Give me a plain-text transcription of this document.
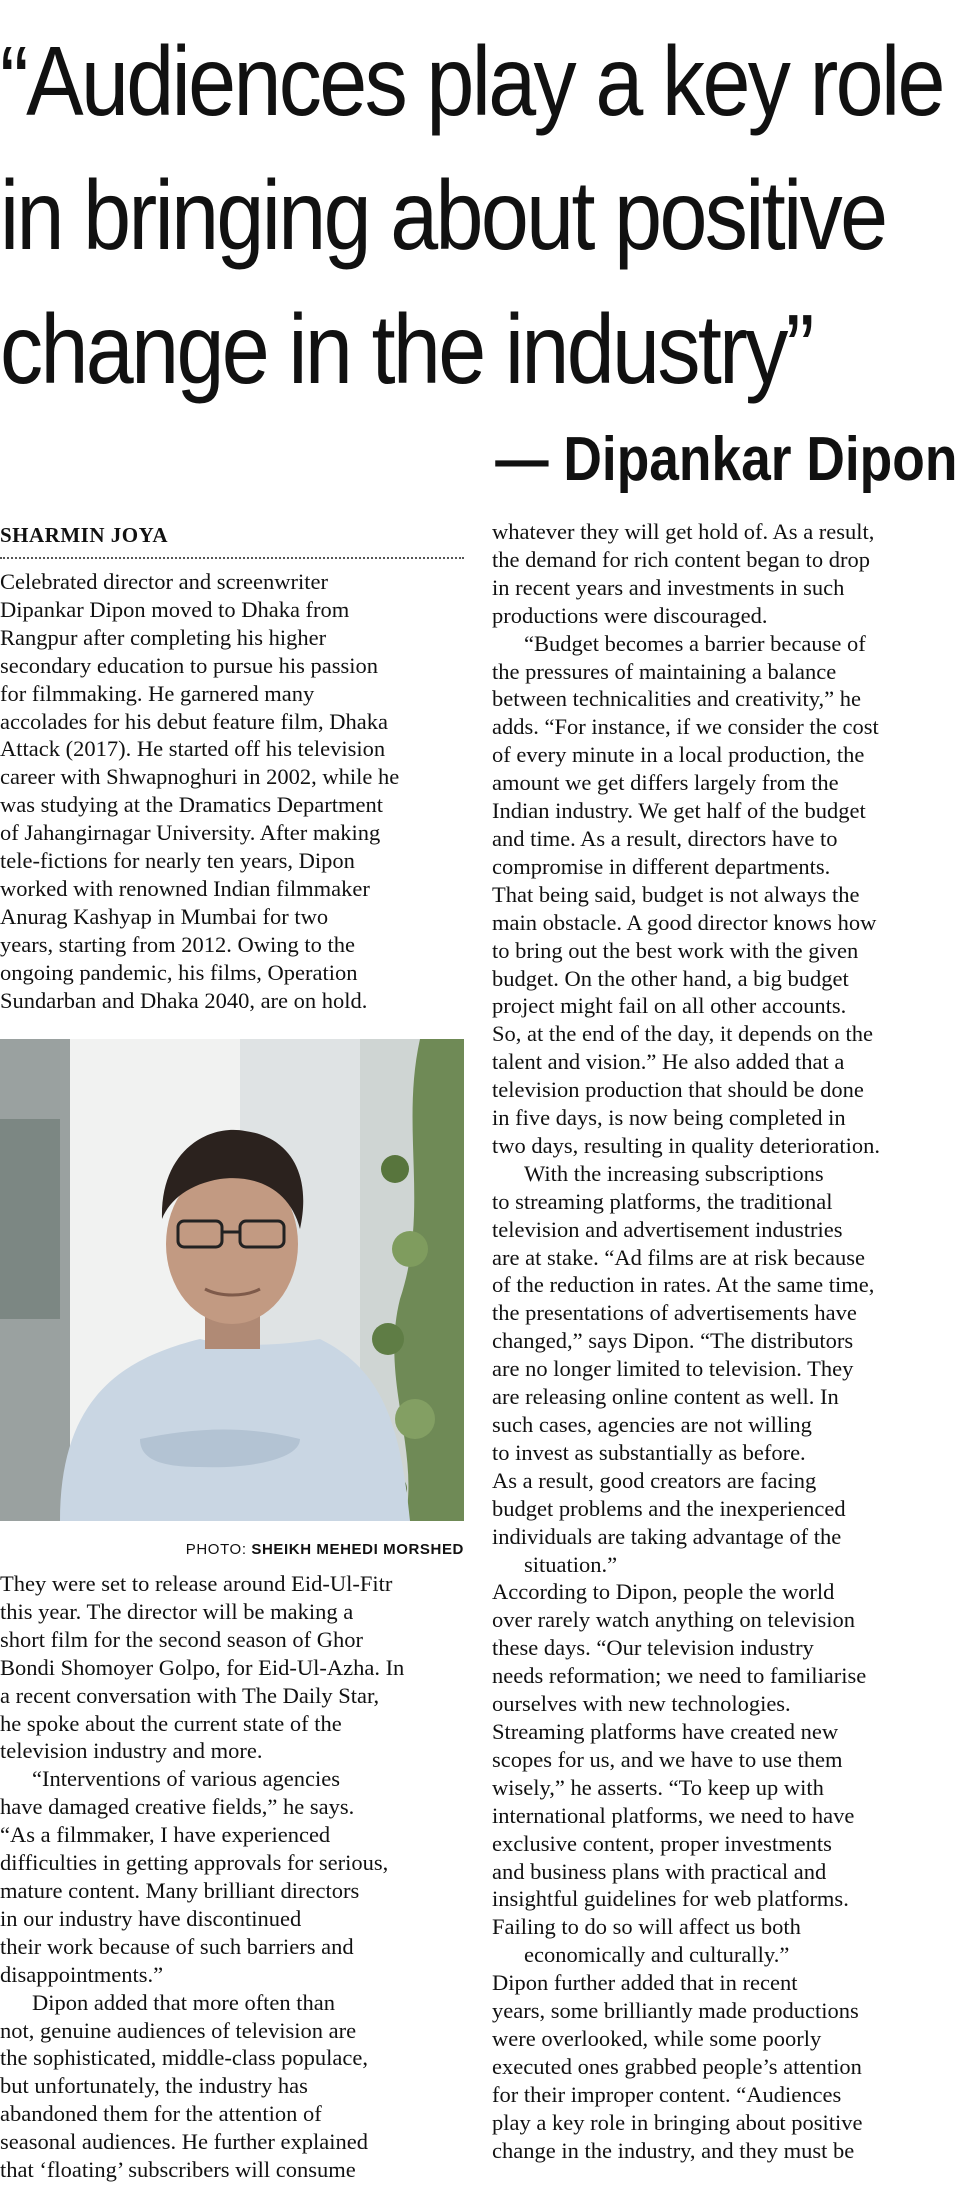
“Audiences play a key role
in bringing about positive
change in the industry”
— Dipankar Dipon
SHARMIN JOYA

Celebrated director and screenwriter
Dipankar Dipon moved to Dhaka from
Rangpur after completing his higher
secondary education to pursue his passion
for filmmaking. He garnered many
accolades for his debut feature film, Dhaka
Attack (2017). He started off his television
career with Shwapnoghuri in 2002, while he
was studying at the Dramatics Department
of Jahangirnagar University. After making
tele-fictions for nearly ten years, Dipon
worked with renowned Indian filmmaker
Anurag Kashyap in Mumbai for two
years, starting from 2012. Owing to the
ongoing pandemic, his films, Operation
Sundarban and Dhaka 2040, are on hold.

PHOTO: SHEIKH MEHEDI MORSHED

They were set to release around Eid-Ul-Fitr
this year. The director will be making a
short film for the second season of Ghor
Bondi Shomoyer Golpo, for Eid-Ul-Azha. In
a recent conversation with The Daily Star,
he spoke about the current state of the
television industry and more.

“Interventions of various agencies
have damaged creative fields,” he says.
“As a filmmaker, I have experienced
difficulties in getting approvals for serious,
mature content. Many brilliant directors
in our industry have discontinued
their work because of such barriers and
disappointments.”

Dipon added that more often than
not, genuine audiences of television are
the sophisticated, middle-class populace,
but unfortunately, the industry has
abandoned them for the attention of
seasonal audiences. He further explained
that ‘floating’ subscribers will consume

whatever they will get hold of. As a result,
the demand for rich content began to drop
in recent years and investments in such
productions were discouraged.

“Budget becomes a barrier because of
the pressures of maintaining a balance
between technicalities and creativity,” he
adds. “For instance, if we consider the cost
of every minute in a local production, the
amount we get differs largely from the
Indian industry. We get half of the budget
and time. As a result, directors have to
compromise in different departments.
That being said, budget is not always the
main obstacle. A good director knows how
to bring out the best work with the given
budget. On the other hand, a big budget
project might fail on all other accounts.
So, at the end of the day, it depends on the
talent and vision.” He also added that a
television production that should be done
in five days, is now being completed in
two days, resulting in quality deterioration.

With the increasing subscriptions
to streaming platforms, the traditional
television and advertisement industries
are at stake. “Ad films are at risk because
of the reduction in rates. At the same time,
the presentations of advertisements have
changed,” says Dipon. “The distributors
are no longer limited to television. They
are releasing online content as well. In
such cases, agencies are not willing
to invest as substantially as before.
As a result, good creators are facing
budget problems and the inexperienced
individuals are taking advantage of the

situation.”
According to Dipon, people the world
over rarely watch anything on television
these days. “Our television industry
needs reformation; we need to familiarise
ourselves with new technologies.
Streaming platforms have created new
scopes for us, and we have to use them
wisely,” he asserts. “To keep up with
international platforms, we need to have
exclusive content, proper investments
and business plans with practical and
insightful guidelines for web platforms.
Failing to do so will affect us both

economically and culturally.”
Dipon further added that in recent
years, some brilliantly made productions
were overlooked, while some poorly
executed ones grabbed people’s attention
for their improper content. “Audiences
play a key role in bringing about positive
change in the industry, and they must be
